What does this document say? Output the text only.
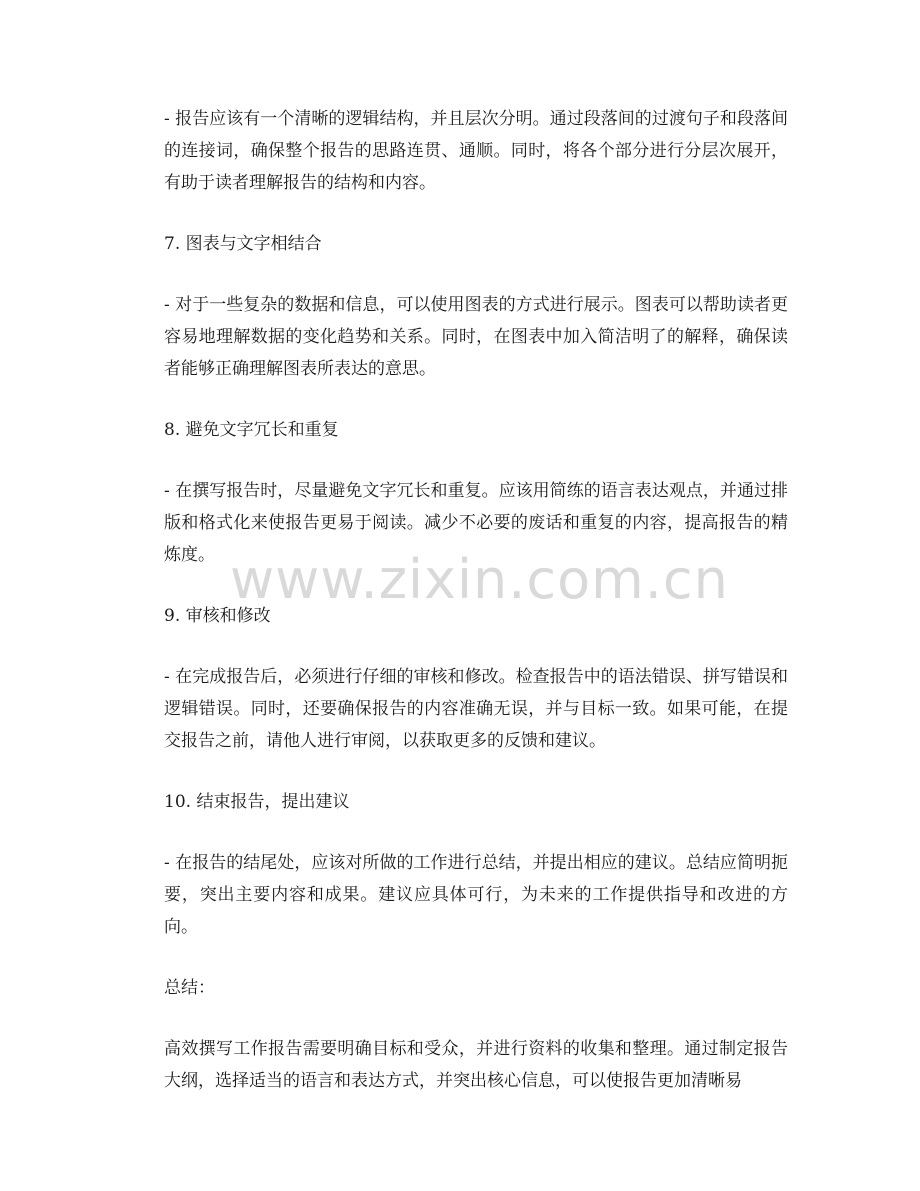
www.zixin.com.cn

- 报告应该有一个清晰的逻辑结构，并且层次分明。通过段落间的过渡句子和段落间的连接词，确保整个报告的思路连贯、通顺。同时，将各个部分进行分层次展开，有助于读者理解报告的结构和内容。

7. 图表与文字相结合

- 对于一些复杂的数据和信息，可以使用图表的方式进行展示。图表可以帮助读者更容易地理解数据的变化趋势和关系。同时，在图表中加入简洁明了的解释，确保读者能够正确理解图表所表达的意思。

8. 避免文字冗长和重复

- 在撰写报告时，尽量避免文字冗长和重复。应该用简练的语言表达观点，并通过排版和格式化来使报告更易于阅读。减少不必要的废话和重复的内容，提高报告的精炼度。

9. 审核和修改

- 在完成报告后，必须进行仔细的审核和修改。检查报告中的语法错误、拼写错误和逻辑错误。同时，还要确保报告的内容准确无误，并与目标一致。如果可能，在提交报告之前，请他人进行审阅，以获取更多的反馈和建议。

10. 结束报告，提出建议

- 在报告的结尾处，应该对所做的工作进行总结，并提出相应的建议。总结应简明扼要，突出主要内容和成果。建议应具体可行，为未来的工作提供指导和改进的方向。

总结：

高效撰写工作报告需要明确目标和受众，并进行资料的收集和整理。通过制定报告大纲，选择适当的语言和表达方式，并突出核心信息，可以使报告更加清晰易
